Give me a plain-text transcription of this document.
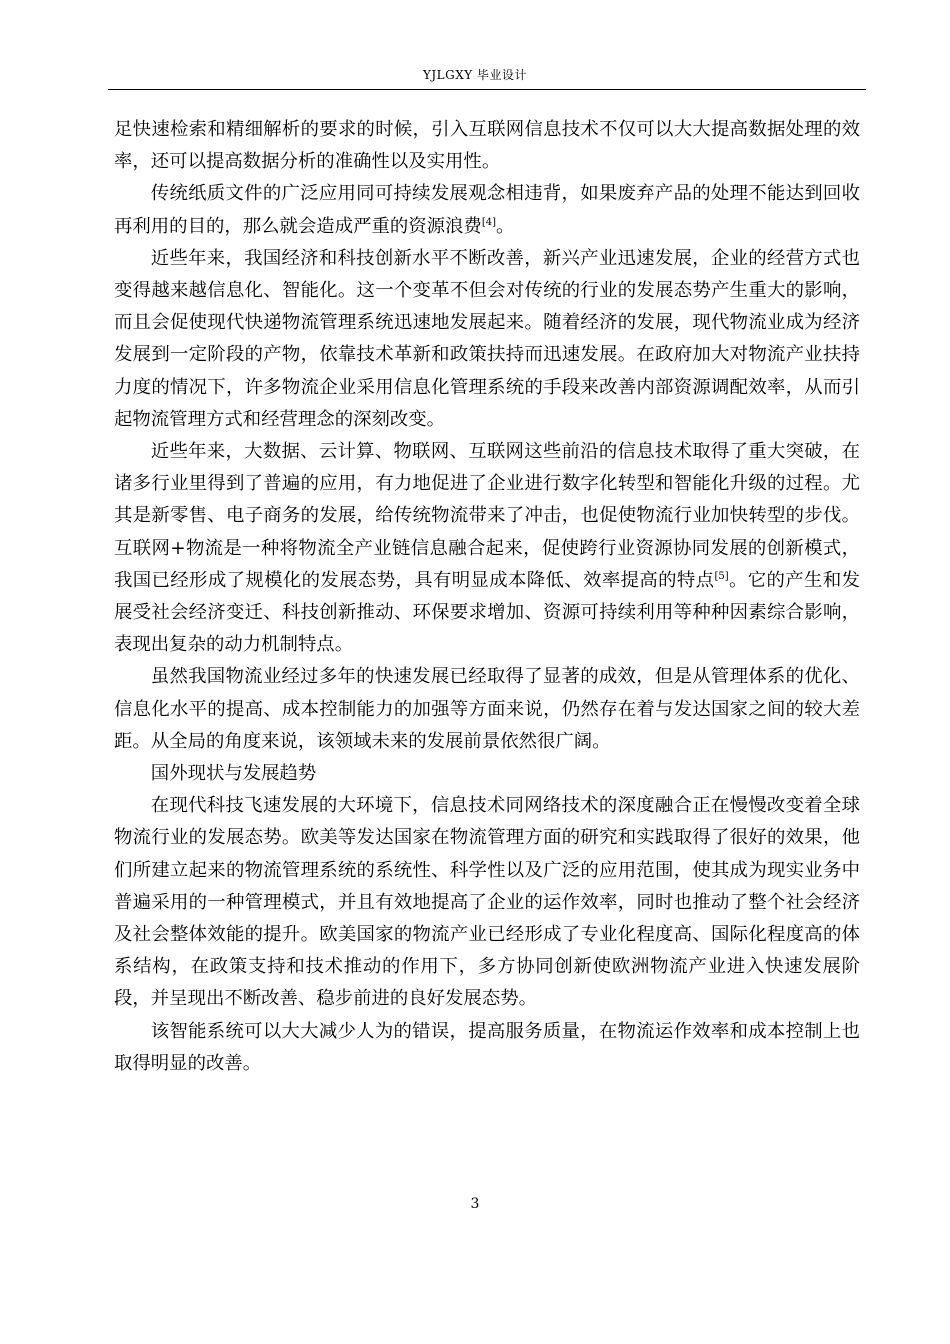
YJLGXY 毕业设计

足快速检索和精细解析的要求的时候，引入互联网信息技术不仅可以大大提高数据处理的效率，还可以提高数据分析的准确性以及实用性。

传统纸质文件的广泛应用同可持续发展观念相违背，如果废弃产品的处理不能达到回收再利用的目的，那么就会造成严重的资源浪费[4]。

近些年来，我国经济和科技创新水平不断改善，新兴产业迅速发展，企业的经营方式也变得越来越信息化、智能化。这一个变革不但会对传统的行业的发展态势产生重大的影响，而且会促使现代快递物流管理系统迅速地发展起来。随着经济的发展，现代物流业成为经济发展到一定阶段的产物，依靠技术革新和政策扶持而迅速发展。在政府加大对物流产业扶持力度的情况下，许多物流企业采用信息化管理系统的手段来改善内部资源调配效率，从而引起物流管理方式和经营理念的深刻改变。

近些年来，大数据、云计算、物联网、互联网这些前沿的信息技术取得了重大突破，在诸多行业里得到了普遍的应用，有力地促进了企业进行数字化转型和智能化升级的过程。尤其是新零售、电子商务的发展，给传统物流带来了冲击，也促使物流行业加快转型的步伐。互联网+物流是一种将物流全产业链信息融合起来，促使跨行业资源协同发展的创新模式，我国已经形成了规模化的发展态势，具有明显成本降低、效率提高的特点[5]。它的产生和发展受社会经济变迁、科技创新推动、环保要求增加、资源可持续利用等种种因素综合影响，表现出复杂的动力机制特点。

虽然我国物流业经过多年的快速发展已经取得了显著的成效，但是从管理体系的优化、信息化水平的提高、成本控制能力的加强等方面来说，仍然存在着与发达国家之间的较大差距。从全局的角度来说，该领域未来的发展前景依然很广阔。

国外现状与发展趋势

在现代科技飞速发展的大环境下，信息技术同网络技术的深度融合正在慢慢改变着全球物流行业的发展态势。欧美等发达国家在物流管理方面的研究和实践取得了很好的效果，他们所建立起来的物流管理系统的系统性、科学性以及广泛的应用范围，使其成为现实业务中普遍采用的一种管理模式，并且有效地提高了企业的运作效率，同时也推动了整个社会经济及社会整体效能的提升。欧美国家的物流产业已经形成了专业化程度高、国际化程度高的体系结构，在政策支持和技术推动的作用下，多方协同创新使欧洲物流产业进入快速发展阶段，并呈现出不断改善、稳步前进的良好发展态势。

该智能系统可以大大减少人为的错误，提高服务质量，在物流运作效率和成本控制上也取得明显的改善。

3
